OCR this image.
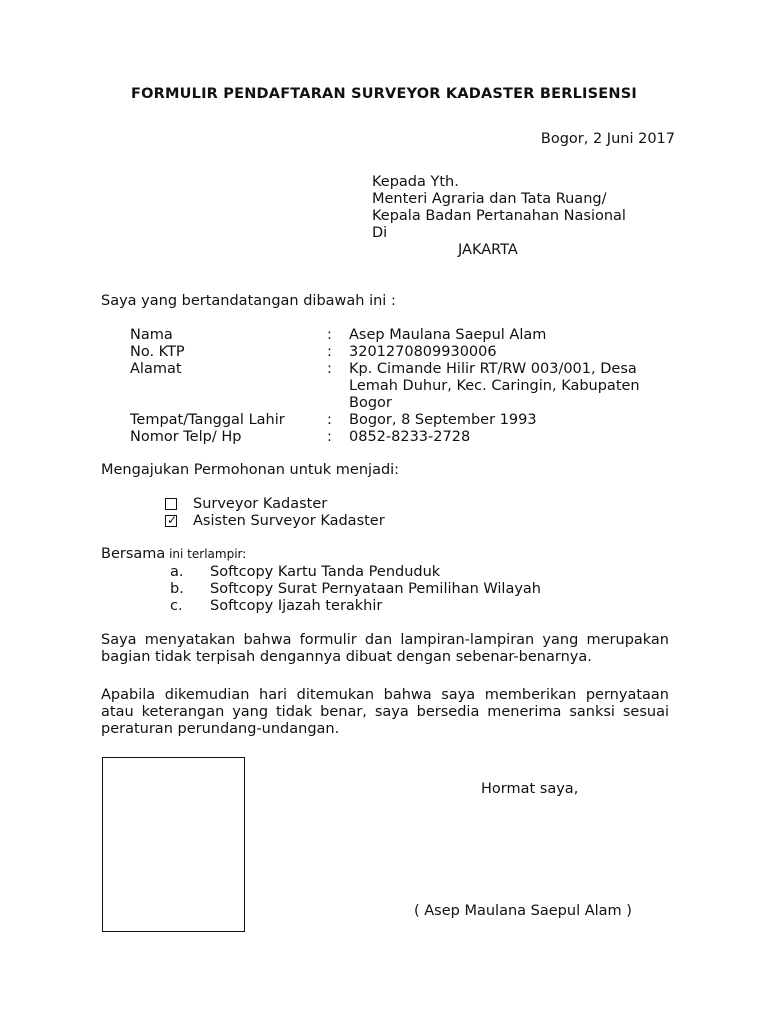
FORMULIR PENDAFTARAN SURVEYOR KADASTER BERLISENSI
Bogor, 2 Juni 2017
Kepada Yth.
Menteri Agraria dan Tata Ruang/
Kepala Badan Pertanahan Nasional
Di
JAKARTA
Saya yang bertandatangan dibawah ini :
Nama	: Asep Maulana Saepul Alam
No. KTP	: 3201270809930006
Alamat	: Kp. Cimande Hilir RT/RW 003/001, Desa Lemah Duhur, Kec. Caringin, Kabupaten Bogor
Tempat/Tanggal Lahir	: Bogor, 8 September 1993
Nomor Telp/ Hp	: 0852-8233-2728
Mengajukan Permohonan untuk menjadi:
Surveyor Kadaster
✓ Asisten Surveyor Kadaster
Bersama ini terlampir:
a. Softcopy Kartu Tanda Penduduk
b. Softcopy Surat Pernyataan Pemilihan Wilayah
c. Softcopy Ijazah terakhir
Saya menyatakan bahwa formulir dan lampiran-lampiran yang merupakan bagian tidak terpisah dengannya dibuat dengan sebenar-benarnya.
Apabila dikemudian hari ditemukan bahwa saya memberikan pernyataan atau keterangan yang tidak benar, saya bersedia menerima sanksi sesuai peraturan perundang-undangan.
Hormat saya,
( Asep Maulana Saepul Alam )
